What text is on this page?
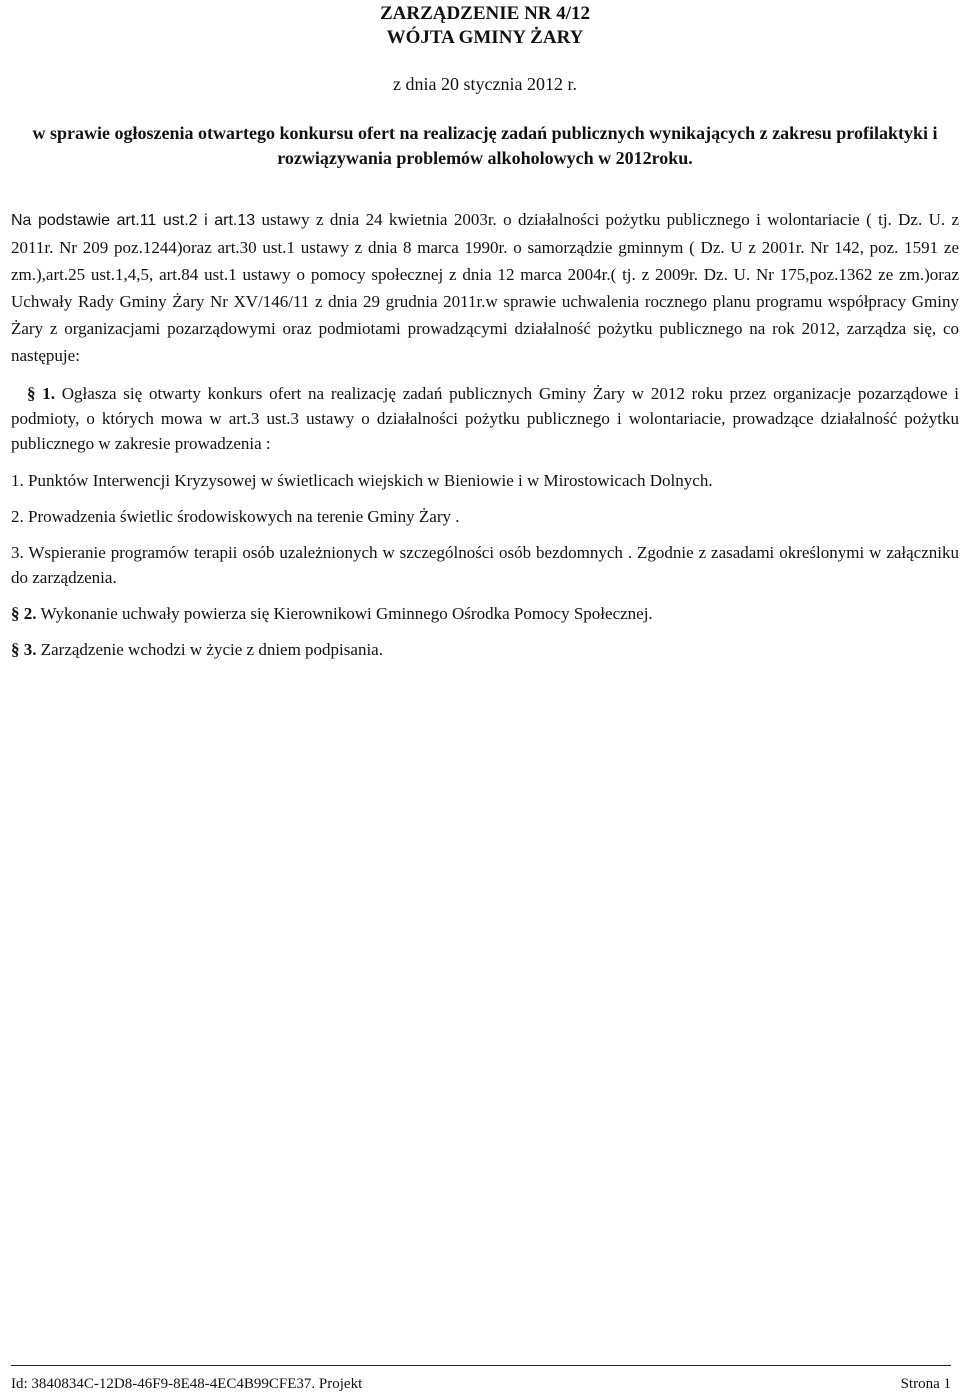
ZARZĄDZENIE NR 4/12
WÓJTA GMINY ŻARY
z dnia 20 stycznia 2012 r.
w sprawie ogłoszenia otwartego konkursu ofert na realizację zadań publicznych wynikających z zakresu profilaktyki i rozwiązywania problemów alkoholowych w 2012roku.
Na podstawie art.11 ust.2 i art.13 ustawy z dnia 24 kwietnia 2003r. o działalności pożytku publicznego i wolontariacie ( tj. Dz. U. z 2011r. Nr 209 poz.1244)oraz art.30 ust.1 ustawy z dnia 8 marca 1990r. o samorządzie gminnym ( Dz. U z 2001r. Nr 142, poz. 1591 ze zm.),art.25 ust.1,4,5, art.84 ust.1 ustawy o pomocy społecznej z dnia 12 marca 2004r.( tj. z 2009r. Dz. U. Nr 175,poz.1362 ze zm.)oraz Uchwały Rady Gminy Żary Nr XV/146/11 z dnia 29 grudnia 2011r.w sprawie uchwalenia rocznego planu programu współpracy Gminy Żary z organizacjami pozarządowymi oraz podmiotami prowadzącymi działalność pożytku publicznego na rok 2012, zarządza się, co następuje:
§ 1. Ogłasza się otwarty konkurs ofert na realizację zadań publicznych Gminy Żary w 2012 roku przez organizacje pozarządowe i podmioty, o których mowa w art.3 ust.3 ustawy o działalności pożytku publicznego i wolontariacie, prowadzące działalność pożytku publicznego w zakresie prowadzenia :
1. Punktów Interwencji Kryzysowej w świetlicach wiejskich w Bieniowie i w Mirostowicach Dolnych.
2. Prowadzenia świetlic środowiskowych na terenie Gminy Żary .
3. Wspieranie programów terapii osób uzależnionych w szczególności osób bezdomnych . Zgodnie z zasadami określonymi w załączniku do zarządzenia.
§ 2. Wykonanie uchwały powierza się Kierownikowi Gminnego Ośrodka Pomocy Społecznej.
§ 3. Zarządzenie wchodzi w życie z dniem podpisania.
Id: 3840834C-12D8-46F9-8E48-4EC4B99CFE37. Projekt	Strona 1
